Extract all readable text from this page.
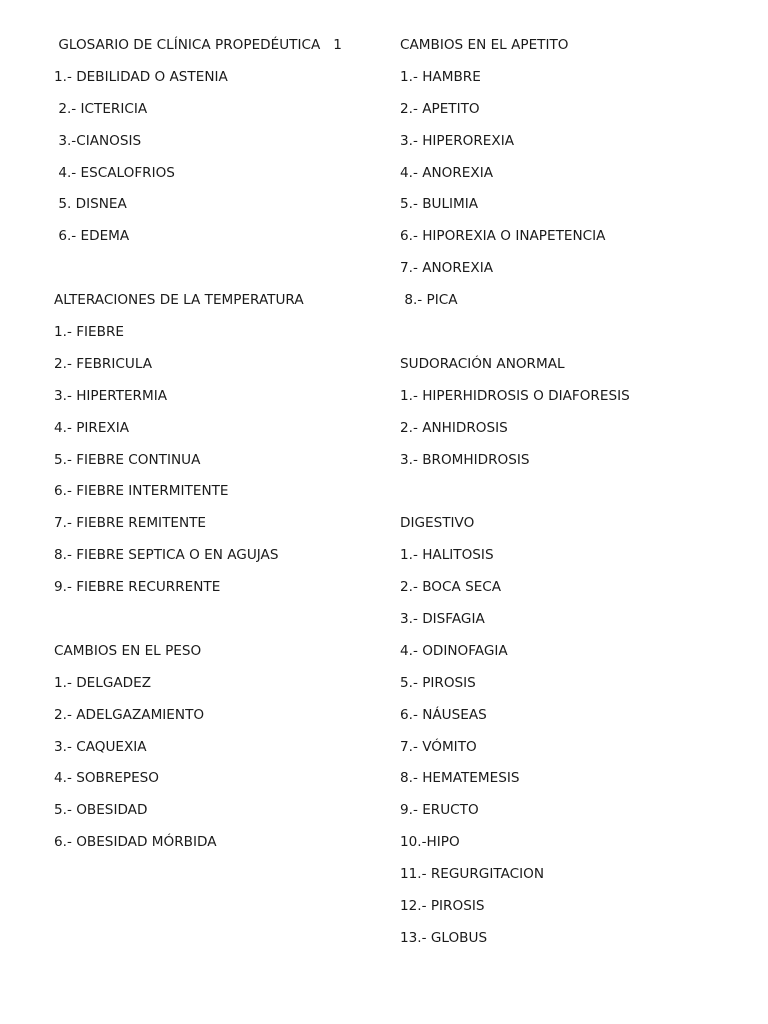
GLOSARIO DE CLÍNICA PROPEDÉUTICA   1
1.- DEBILIDAD O ASTENIA
2.- ICTERICIA
3.-CIANOSIS
4.- ESCALOFRIOS
5. DISNEA
6.- EDEMA
ALTERACIONES DE LA TEMPERATURA
1.- FIEBRE
2.- FEBRICULA
3.- HIPERTERMIA
4.- PIREXIA
5.- FIEBRE CONTINUA
6.- FIEBRE INTERMITENTE
7.- FIEBRE REMITENTE
8.- FIEBRE SEPTICA O EN AGUJAS
9.- FIEBRE RECURRENTE
CAMBIOS EN EL PESO
1.- DELGADEZ
2.- ADELGAZAMIENTO
3.- CAQUEXIA
4.- SOBREPESO
5.- OBESIDAD
6.- OBESIDAD MÓRBIDA
CAMBIOS EN EL APETITO
1.- HAMBRE
2.- APETITO
3.- HIPEROREXIA
4.- ANOREXIA
5.- BULIMIA
6.- HIPOREXIA O INAPETENCIA
7.- ANOREXIA
8.- PICA
SUDORACIÓN ANORMAL
1.- HIPERHIDROSIS O DIAFORESIS
2.- ANHIDROSIS
3.- BROMHIDROSIS
DIGESTIVO
1.- HALITOSIS
2.- BOCA SECA
3.- DISFAGIA
4.- ODINOFAGIA
5.- PIROSIS
6.- NÁUSEAS
7.- VÓMITO
8.- HEMATEMESIS
9.- ERUCTO
10.-HIPO
11.- REGURGITACION
12.- PIROSIS
13.- GLOBUS
